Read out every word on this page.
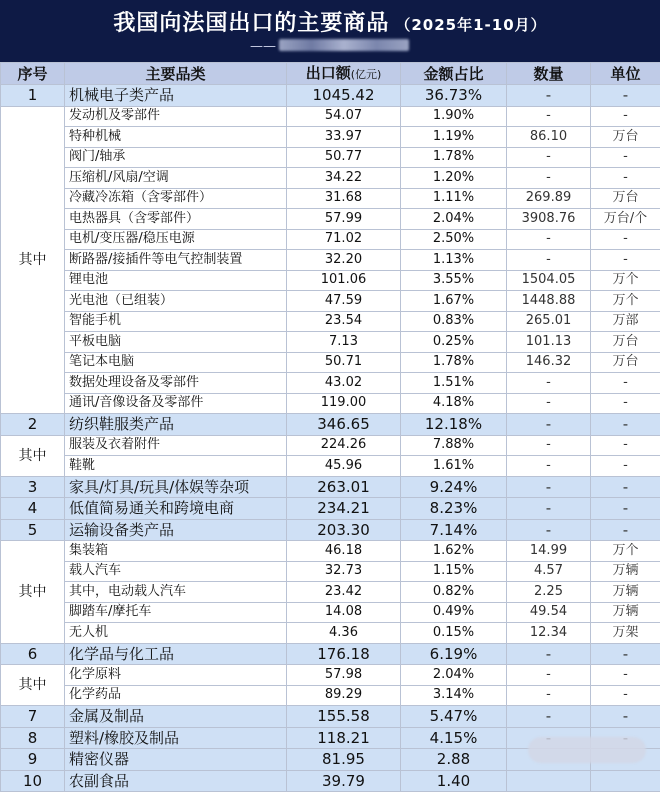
我国向法国出口的主要商品 （2025年1-10月）
——
序号	主要品类	出口额(亿元)	金额占比	数量	单位
1	机械电子类产品	1045.42	36.73%	-	-
其中	发动机及零部件	54.07	1.90%	-	-
	特种机械	33.97	1.19%	86.10	万台
	阀门/轴承	50.77	1.78%	-	-
	压缩机/风扇/空调	34.22	1.20%	-	-
	冷藏冷冻箱（含零部件）	31.68	1.11%	269.89	万台
	电热器具（含零部件）	57.99	2.04%	3908.76	万台/个
	电机/变压器/稳压电源	71.02	2.50%	-	-
	断路器/接插件等电气控制装置	32.20	1.13%	-	-
	锂电池	101.06	3.55%	1504.05	万个
	光电池（已组装）	47.59	1.67%	1448.88	万个
	智能手机	23.54	0.83%	265.01	万部
	平板电脑	7.13	0.25%	101.13	万台
	笔记本电脑	50.71	1.78%	146.32	万台
	数据处理设备及零部件	43.02	1.51%	-	-
	通讯/音像设备及零部件	119.00	4.18%	-	-
2	纺织鞋服类产品	346.65	12.18%	-	-
其中	服装及衣着附件	224.26	7.88%	-	-
	鞋靴	45.96	1.61%	-	-
3	家具/灯具/玩具/体娱等杂项	263.01	9.24%	-	-
4	低值简易通关和跨境电商	234.21	8.23%	-	-
5	运输设备类产品	203.30	7.14%	-	-
其中	集装箱	46.18	1.62%	14.99	万个
	载人汽车	32.73	1.15%	4.57	万辆
	其中，电动载人汽车	23.42	0.82%	2.25	万辆
	脚踏车/摩托车	14.08	0.49%	49.54	万辆
	无人机	4.36	0.15%	12.34	万架
6	化学品与化工品	176.18	6.19%	-	-
其中	化学原料	57.98	2.04%	-	-
	化学药品	89.29	3.14%	-	-
7	金属及制品	155.58	5.47%	-	-
8	塑料/橡胶及制品	118.21	4.15%	-	-
9	精密仪器	81.95	2.88		
10	农副食品	39.79	1.40		
